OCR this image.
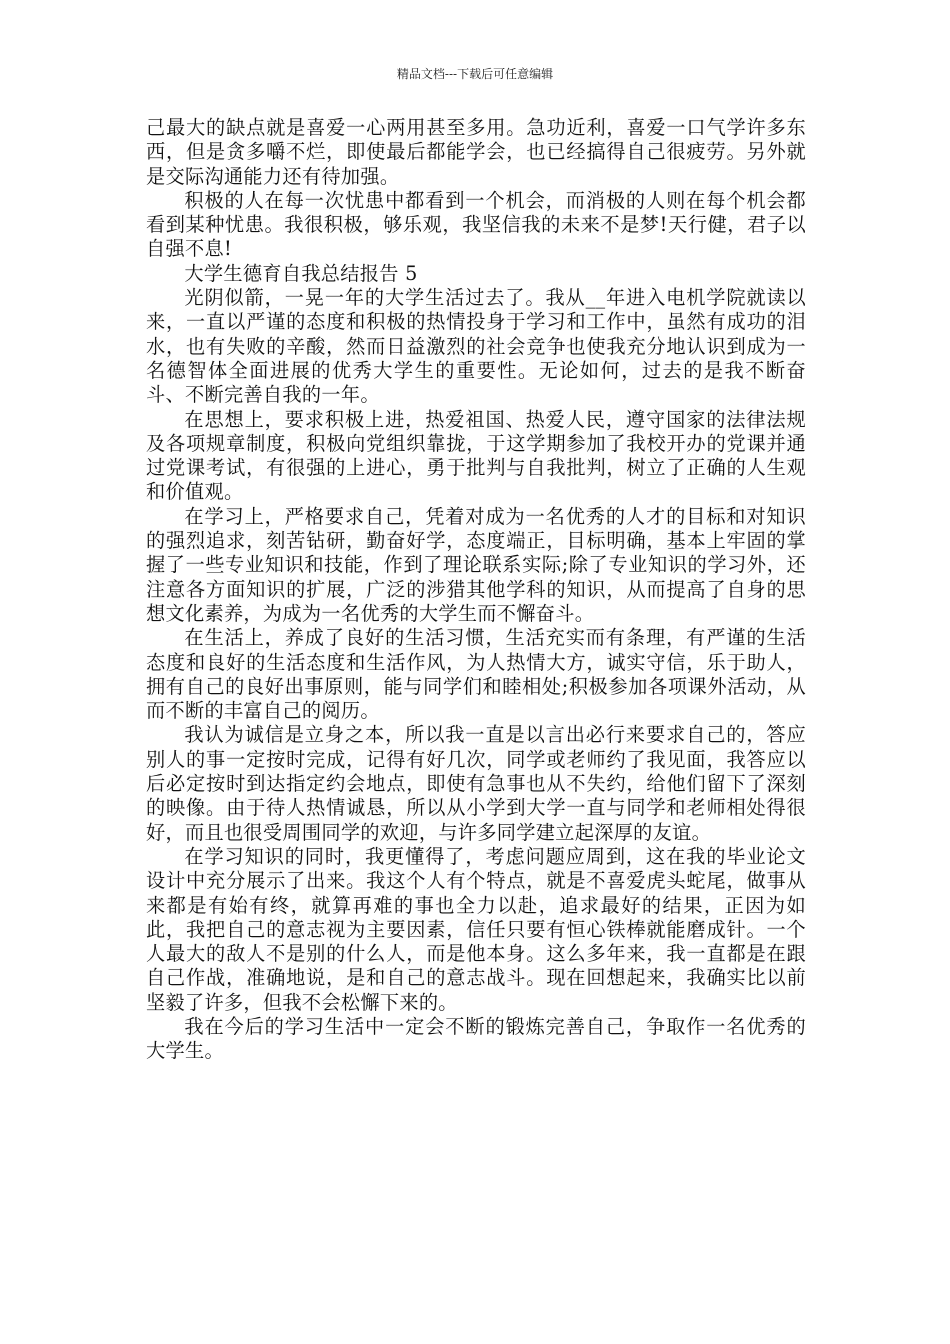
精品文档---下载后可任意编辑

己最大的缺点就是喜爱一心两用甚至多用。急功近利，喜爱一口气学许多东西，但是贪多嚼不烂，即使最后都能学会，也已经搞得自己很疲劳。另外就是交际沟通能力还有待加强。

积极的人在每一次忧患中都看到一个机会，而消极的人则在每个机会都看到某种忧患。我很积极，够乐观，我坚信我的未来不是梦!天行健，君子以自强不息!

大学生德育自我总结报告 5

光阴似箭，一晃一年的大学生活过去了。我从__年进入电机学院就读以来，一直以严谨的态度和积极的热情投身于学习和工作中，虽然有成功的泪水，也有失败的辛酸，然而日益激烈的社会竞争也使我充分地认识到成为一名德智体全面进展的优秀大学生的重要性。无论如何，过去的是我不断奋斗、不断完善自我的一年。

在思想上，要求积极上进，热爱祖国、热爱人民，遵守国家的法律法规及各项规章制度，积极向党组织靠拢，于这学期参加了我校开办的党课并通过党课考试，有很强的上进心，勇于批判与自我批判，树立了正确的人生观和价值观。

在学习上，严格要求自己，凭着对成为一名优秀的人才的目标和对知识的强烈追求，刻苦钻研，勤奋好学，态度端正，目标明确，基本上牢固的掌握了一些专业知识和技能，作到了理论联系实际;除了专业知识的学习外，还注意各方面知识的扩展，广泛的涉猎其他学科的知识，从而提高了自身的思想文化素养，为成为一名优秀的大学生而不懈奋斗。

在生活上，养成了良好的生活习惯，生活充实而有条理，有严谨的生活态度和良好的生活态度和生活作风，为人热情大方，诚实守信，乐于助人，拥有自己的良好出事原则，能与同学们和睦相处;积极参加各项课外活动，从而不断的丰富自己的阅历。

我认为诚信是立身之本，所以我一直是以言出必行来要求自己的，答应别人的事一定按时完成，记得有好几次，同学或老师约了我见面，我答应以后必定按时到达指定约会地点，即使有急事也从不失约，给他们留下了深刻的映像。由于待人热情诚恳，所以从小学到大学一直与同学和老师相处得很好，而且也很受周围同学的欢迎，与许多同学建立起深厚的友谊。

在学习知识的同时，我更懂得了，考虑问题应周到，这在我的毕业论文设计中充分展示了出来。我这个人有个特点，就是不喜爱虎头蛇尾，做事从来都是有始有终，就算再难的事也全力以赴，追求最好的结果，正因为如此，我把自己的意志视为主要因素，信任只要有恒心铁棒就能磨成针。一个人最大的敌人不是别的什么人，而是他本身。这么多年来，我一直都是在跟自己作战，准确地说，是和自己的意志战斗。现在回想起来，我确实比以前坚毅了许多，但我不会松懈下来的。

我在今后的学习生活中一定会不断的锻炼完善自己，争取作一名优秀的大学生。
